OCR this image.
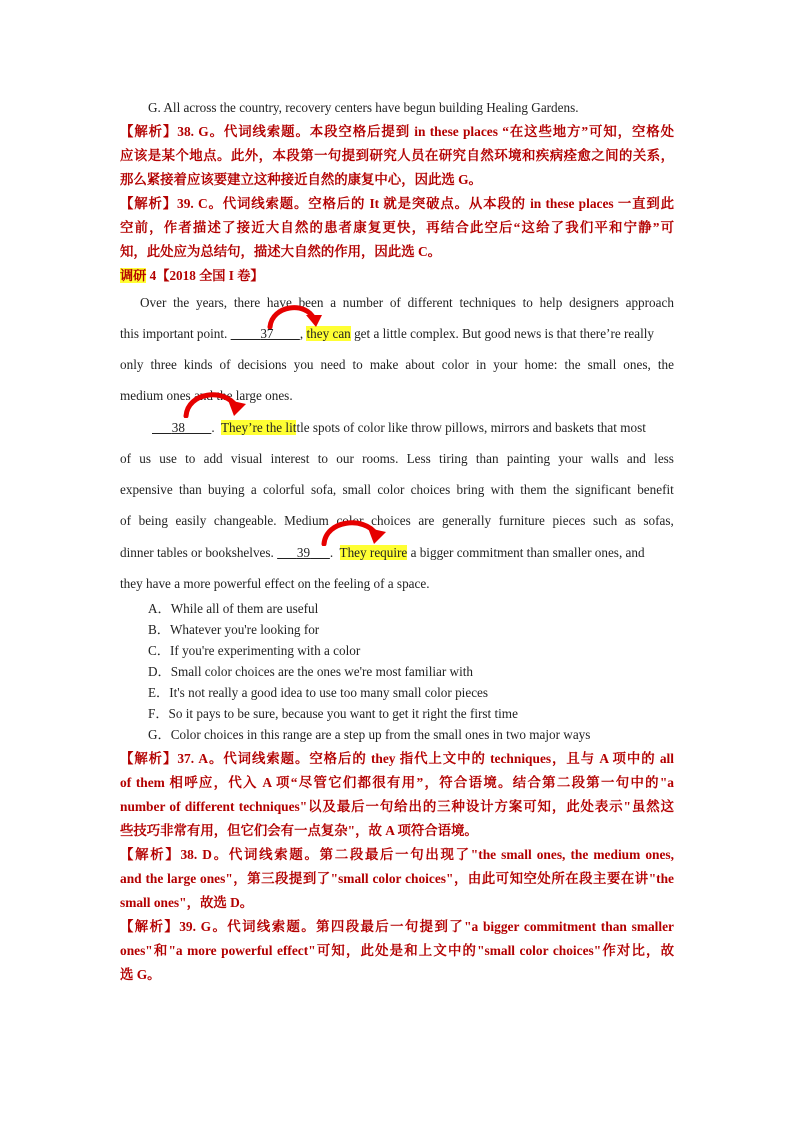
G. All across the country, recovery centers have begun building Healing Gardens.
【解析】38. G。代词线索题。本段空格后提到 in these places “在这些地方”可知，空格处
应该是某个地点。此外，本段第一句提到研究人员在研究自然环境和疾病痊愈之间的关系，
那么紧接着应该要建立这种接近自然的康复中心，因此选 G。
【解析】39. C。代词线索题。空格后的 It 就是突破点。从本段的 in these places 一直到此
空前，作者描述了接近大自然的患者康复更快，再结合此空后“这给了我们平和宁静”可
知，此处应为总结句，描述大自然的作用，因此选 C。
调研 4【2018 全国 I 卷】
Over the years, there have been a number of different techniques to help designers approach
this important point.          37 , they can get a little complex. But good news is that there’re really
only three kinds of decisions you need to make about color in your home: the small ones, the
medium ones and the large ones.
38 .  They’re the little spots of color like throw pillows, mirrors and baskets that most
of us use to add visual interest to our rooms. Less tiring than painting your walls and less
expensive than buying a colorful sofa, small color choices bring with them the significant benefit
of being easily changeable. Medium color choices are generally furniture pieces such as sofas,
dinner tables or bookshelves.       39 .  They require a bigger commitment than smaller ones, and
they have a more powerful effect on the feeling of a space.
A．While all of them are useful
B．Whatever you're looking for
C．If you're experimenting with a color
D．Small color choices are the ones we're most familiar with
E．It's not really a good idea to use too many small color pieces
F．So it pays to be sure, because you want to get it right the first time
G．Color choices in this range are a step up from the small ones in two major ways
【解析】37. A。代词线索题。空格后的 they 指代上文中的 techniques，且与 A 项中的 all
of them 相呼应，代入 A 项“尽管它们都很有用”，符合语境。结合第二段第一句中的"a
number of different techniques"以及最后一句给出的三种设计方案可知，此处表示"虽然这
些技巧非常有用，但它们会有一点复杂"，故 A 项符合语境。
【解析】38. D。代词线索题。第二段最后一句出现了"the small ones, the medium ones,
and the large ones"，第三段提到了"small color choices"，由此可知空处所在段主要在讲"the
small ones"，故选 D。
【解析】39. G。代词线索题。第四段最后一句提到了"a bigger commitment than smaller
ones"和"a more powerful effect"可知，此处是和上文中的"small color choices"作对比，故
选 G。
